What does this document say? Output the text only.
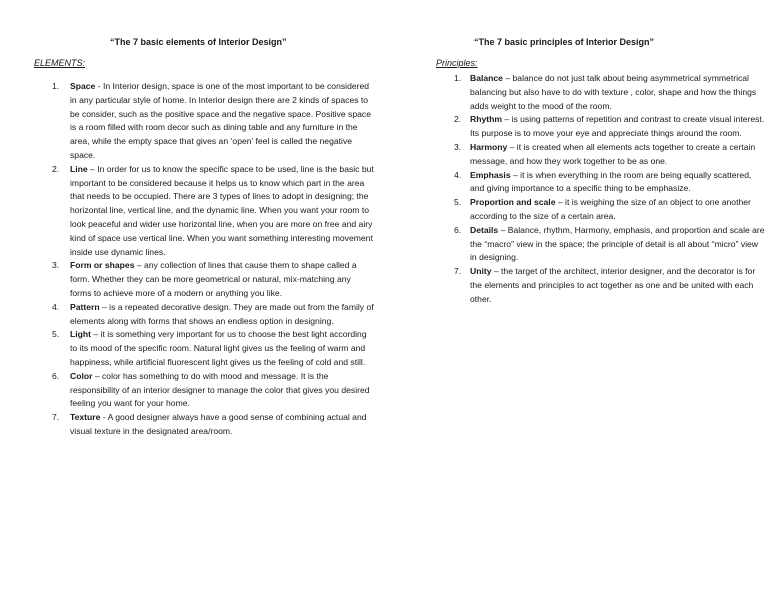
“The 7 basic elements of Interior Design”
ELEMENTS:
1. Space - In Interior design, space is one of the most important to be considered in any particular style of home. In Interior design there are 2 kinds of spaces to be consider, such as the positive space and the negative space. Positive space is a room filled with room decor such as dining table and any furniture in the area, while the empty space that gives an ‘open’ feel is called the negative space.
2. Line – In order for us to know the specific space to be used, line is the basic but important to be considered because it helps us to know which part in the area that needs to be occupied. There are 3 types of lines to adopt in designing; the horizontal line, vertical line, and the dynamic line. When you want your room to look peaceful and wider use horizontal line, when you are more on free and airy kind of space use vertical line. When you want something interesting movement inside use dynamic lines.
3. Form or shapes – any collection of lines that cause them to shape called a form. Whether they can be more geometrical or natural, mix-matching any forms to achieve more of a modern or anything you like.
4. Pattern – is a repeated decorative design. They are made out from the family of elements along with forms that shows an endless option in designing.
5. Light – it is something very important for us to choose the best light according to its mood of the specific room. Natural light gives us the feeling of warm and happiness, while artificial fluorescent light gives us the feeling of cold and still.
6. Color – color has something to do with mood and message. It is the responsibility of an interior designer to manage the color that gives you desired feeling you want for your home.
7. Texture - A good designer always have a good sense of combining actual and visual texture in the designated area/room.
“The 7 basic principles of Interior Design”
Principles:
1. Balance – balance do not just talk about being asymmetrical symmetrical balancing but also have to do with texture , color, shape and how the things adds weight to the mood of the room.
2. Rhythm – is using patterns of repetition and contrast to create visual interest. Its purpose is to move your eye and appreciate things around the room.
3. Harmony – it is created when all elements acts together to create a certain message, and how they work together to be as one.
4. Emphasis – it is when everything in the room are being equally scattered, and giving importance to a specific thing to be emphasize.
5. Proportion and scale – it is weighing the size of an object to one another according to the size of a certain area.
6. Details – Balance, rhythm, Harmony, emphasis, and proportion and scale are the “macro” view in the space; the principle of detail is all about “micro” view in designing.
7. Unity – the target of the architect, interior designer, and the decorator is for the elements and principles to act together as one and be united with each other.
